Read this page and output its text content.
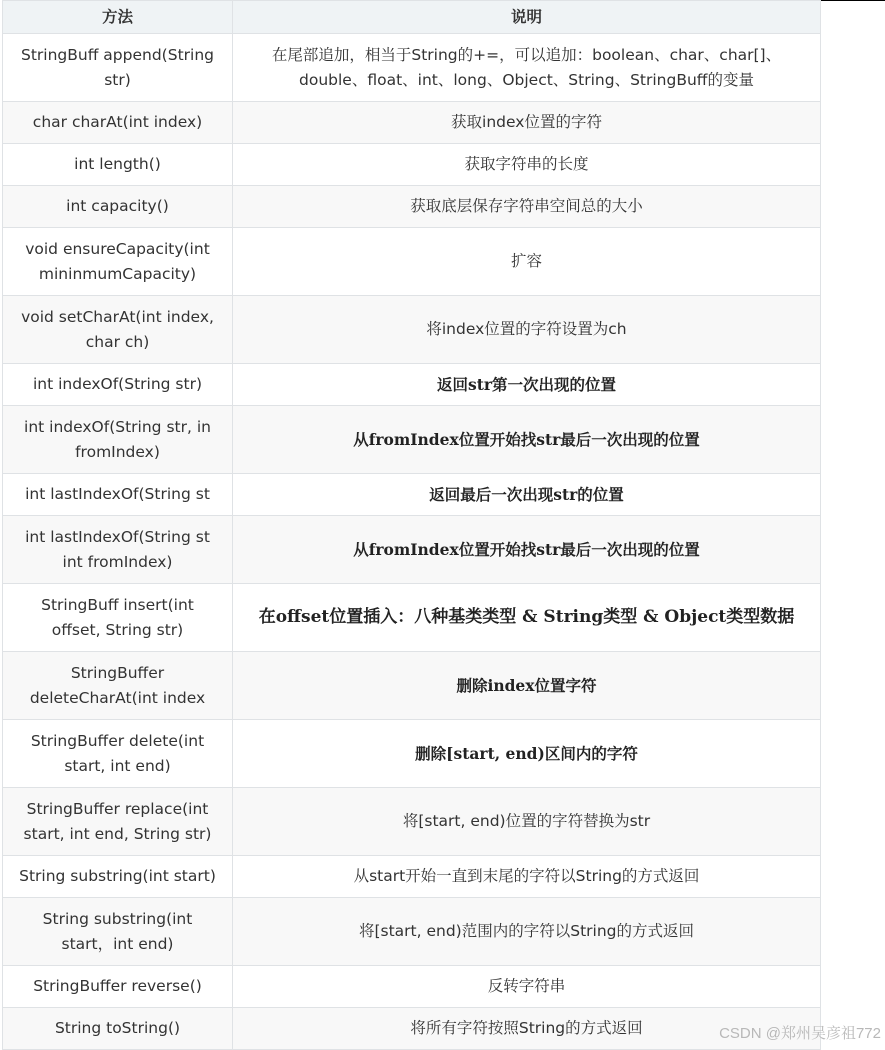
方法	说明
StringBuff append(String str)	在尾部追加，相当于String的+=，可以追加：boolean、char、char[]、double、float、int、long、Object、String、StringBuff的变量
char charAt(int index)	获取index位置的字符
int length()	获取字符串的长度
int capacity()	获取底层保存字符串空间总的大小
void ensureCapacity(int mininmumCapacity)	扩容
void setCharAt(int index, char ch)	将index位置的字符设置为ch
int indexOf(String str)	返回str第一次出现的位置
int indexOf(String str, in fromIndex)	从fromIndex位置开始找str最后一次出现的位置
int lastIndexOf(String st	返回最后一次出现str的位置
int lastIndexOf(String st int fromIndex)	从fromIndex位置开始找str最后一次出现的位置
StringBuff insert(int offset, String str)	在offset位置插入：八种基类类型 & String类型 & Object类型数据
StringBuffer deleteCharAt(int index	删除index位置字符
StringBuffer delete(int start, int end)	删除[start, end)区间内的字符
StringBuffer replace(int start, int end, String str)	将[start, end)位置的字符替换为str
String substring(int start)	从start开始一直到末尾的字符以String的方式返回
String substring(int start，int end)	将[start, end)范围内的字符以String的方式返回
StringBuffer reverse()	反转字符串
String toString()	将所有字符按照String的方式返回	CSDN @郑州吴彦祖772
